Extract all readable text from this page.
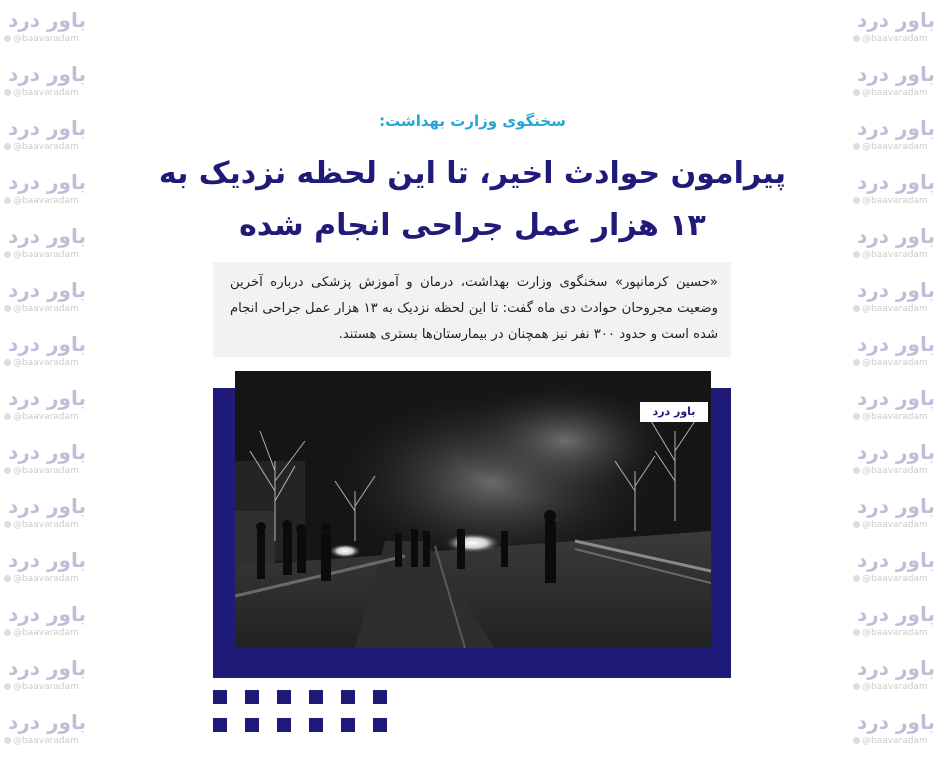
باور درد
@baavaradam
باور درد
@baavaradam
باور درد
@baavaradam
باور درد
@baavaradam
باور درد
@baavaradam
باور درد
@baavaradam
باور درد
@baavaradam
باور درد
@baavaradam
باور درد
@baavaradam
باور درد
@baavaradam
باور درد
@baavaradam
باور درد
@baavaradam
باور درد
@baavaradam
باور درد
@baavaradam
باور درد
@baavaradam
باور درد
@baavaradam
باور درد
@baavaradam
باور درد
@baavaradam
باور درد
@baavaradam
باور درد
@baavaradam
باور درد
@baavaradam
باور درد
@baavaradam
باور درد
@baavaradam
باور درد
@baavaradam
باور درد
@baavaradam
باور درد
@baavaradam
باور درد
@baavaradam
باور درد
@baavaradam
سخنگوی وزارت بهداشت:
پیرامون حوادث اخیر، تا این لحظه نزدیک به
۱۳ هزار عمل جراحی انجام شده
«حسین کرمانپور» سخنگوی وزارت بهداشت، درمان و آموزش پزشکی درباره آخرین وضعیت مجروحان حوادث دی ماه گفت: تا این لحظه نزدیک به ۱۳ هزار عمل جراحی انجام شده است و حدود ۳۰۰ نفر نیز همچنان در بیمارستان‌ها بستری هستند.
باور درد
